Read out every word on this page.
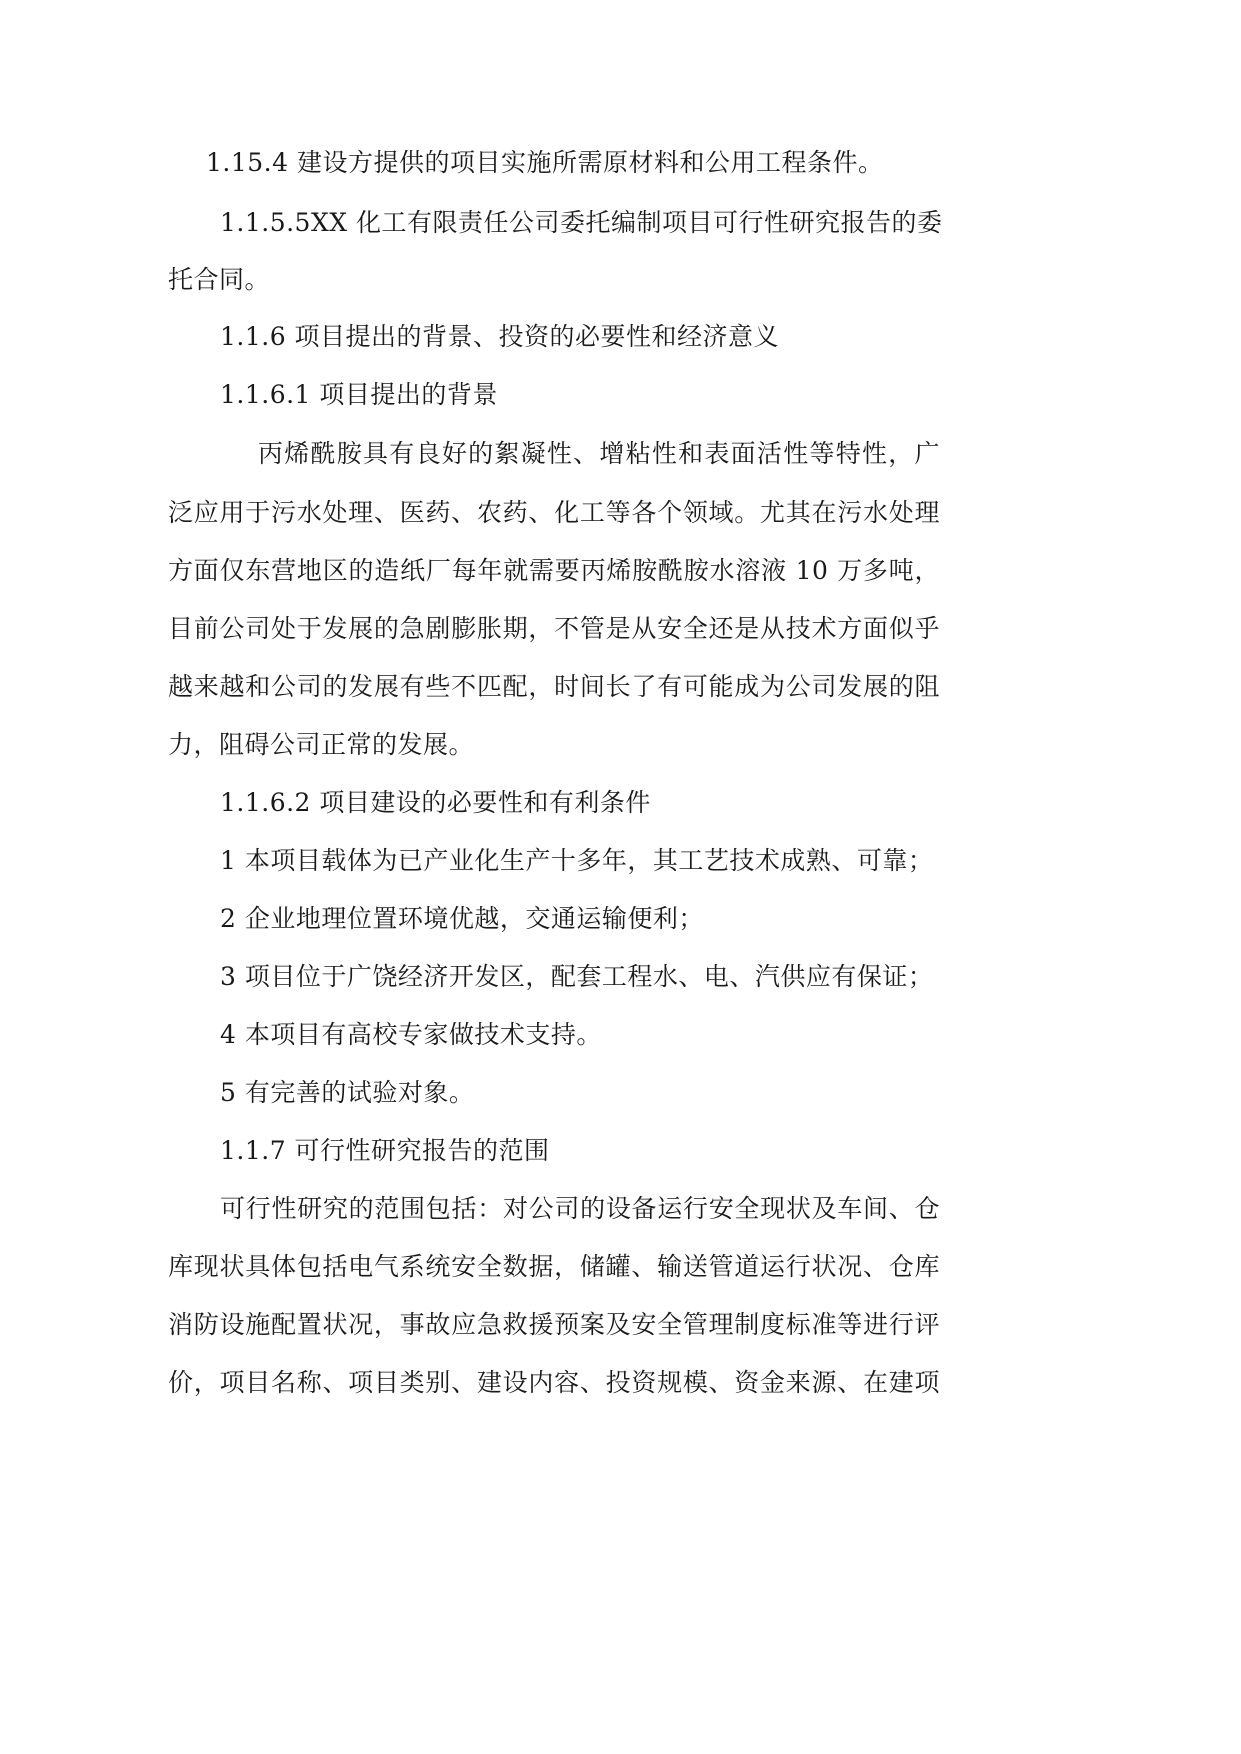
1.15.4 建设方提供的项目实施所需原材料和公用工程条件。
1.1.5.5XX 化工有限责任公司委托编制项目可行性研究报告的委
托合同。
1.1.6 项目提出的背景、投资的必要性和经济意义
1.1.6.1 项目提出的背景
丙烯酰胺具有良好的絮凝性、增粘性和表面活性等特性，广
泛应用于污水处理、医药、农药、化工等各个领域。尤其在污水处理
方面仅东营地区的造纸厂每年就需要丙烯胺酰胺水溶液 10 万多吨，
目前公司处于发展的急剧膨胀期，不管是从安全还是从技术方面似乎
越来越和公司的发展有些不匹配，时间长了有可能成为公司发展的阻
力，阻碍公司正常的发展。
1.1.6.2 项目建设的必要性和有利条件
1 本项目载体为已产业化生产十多年，其工艺技术成熟、可靠；
2 企业地理位置环境优越，交通运输便利；
3 项目位于广饶经济开发区，配套工程水、电、汽供应有保证；
4 本项目有高校专家做技术支持。
5 有完善的试验对象。
1.1.7 可行性研究报告的范围
可行性研究的范围包括：对公司的设备运行安全现状及车间、仓
库现状具体包括电气系统安全数据，储罐、输送管道运行状况、仓库
消防设施配置状况，事故应急救援预案及安全管理制度标准等进行评
价，项目名称、项目类别、建设内容、投资规模、资金来源、在建项
